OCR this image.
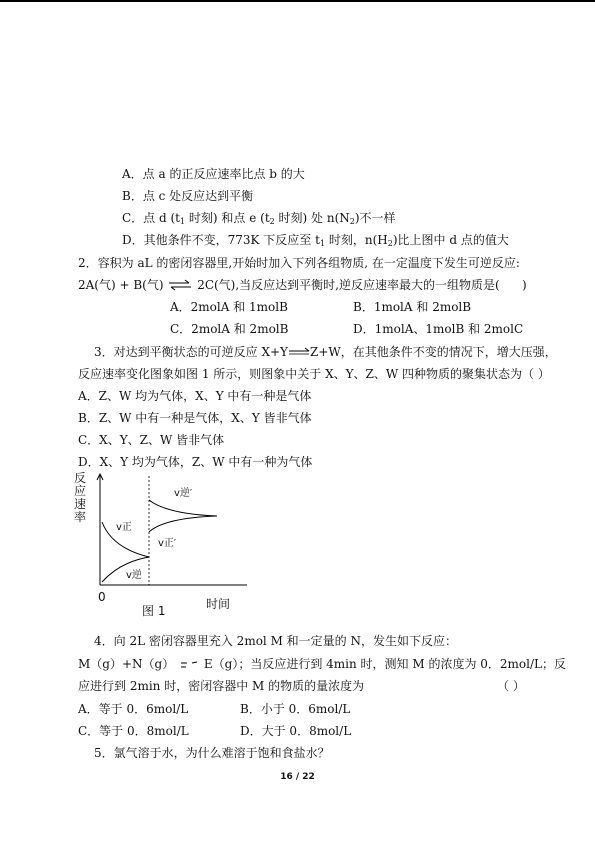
A．点 a 的正反应速率比点 b 的大
B．点 c 处反应达到平衡
C．点 d ($t_1$ 时刻) 和点 e ($t_2$ 时刻) 处 $n(N_2)$不一样
D．其他条件不变，773K 下反应至 $t_1$ 时刻，$n(H_2)$比上图中 d 点的值大
2．容积为 aL 的密闭容器里,开始时加入下列各组物质, 在一定温度下发生可逆反应:
2A(气) + B(气) ⇌ 2C(气),当反应达到平衡时,逆反应速率最大的一组物质是( )
A．2molA 和 1molB	B．1molA 和 2molB
C．2molA 和 2molB	D．1molA、1molB 和 2molC
3．对达到平衡状态的可逆反应 X+Y Z+W，在其他条件不变的情况下，增大压强，
反应速率变化图象如图 1 所示，则图象中关于 X、Y、Z、W 四种物质的聚集状态为（ ）
A．Z、W 均为气体，X、Y 中有一种是气体
B．Z、W 中有一种是气体，X、Y 皆非气体
C．X、Y、Z、W 皆非气体
D．X、Y 均为气体，Z、W 中有一种为气体
反
应
速
率
v正
v逆
v逆′
v正′
0
图 1	时间
4．向 2L 密闭容器里充入 2mol M 和一定量的 N，发生如下反应：
M（g）+N（g） E（g）；当反应进行到 4min 时，测知 M 的浓度为 0．2mol/L；反
应进行到 2min 时，密闭容器中 M 的物质的量浓度为	（ ）
A．等于 0．6mol/L	B．小于 0．6mol/L
C．等于 0．8mol/L	D．大于 0．8mol/L
5．氯气溶于水，为什么难溶于饱和食盐水？
16 / 22
